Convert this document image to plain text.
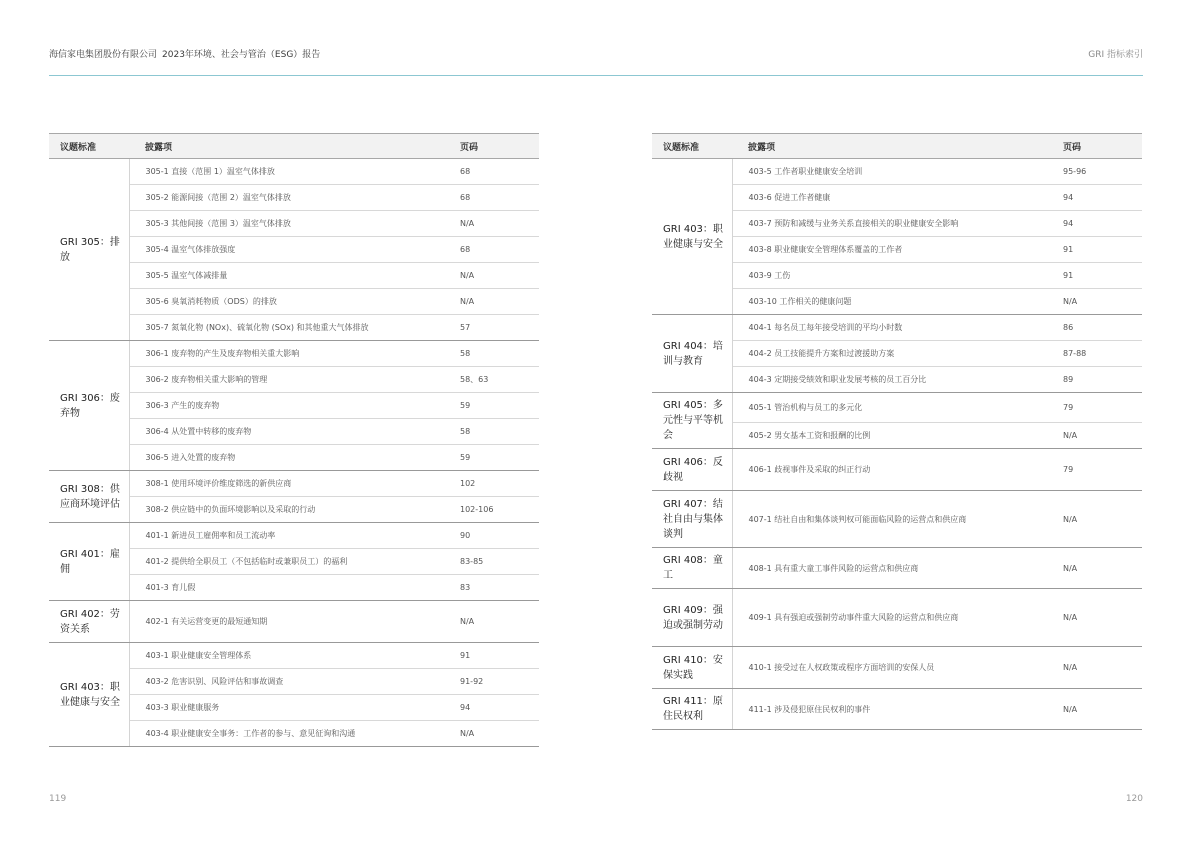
海信家电集团股份有限公司 2023年环境、社会与管治（ESG）报告	GRI 指标索引
议题标准	披露项	页码
GRI 305：排放	305-1 直接（范围 1）温室气体排放	68
	305-2 能源间接（范围 2）温室气体排放	68
	305-3 其他间接（范围 3）温室气体排放	N/A
	305-4 温室气体排放强度	68
	305-5 温室气体减排量	N/A
	305-6 臭氧消耗物质（ODS）的排放	N/A
	305-7 氮氧化物 (NOx)、硫氧化物 (SOx) 和其他重大气体排放	57
GRI 306：废弃物	306-1 废弃物的产生及废弃物相关重大影响	58
	306-2 废弃物相关重大影响的管理	58、63
	306-3 产生的废弃物	59
	306-4 从处置中转移的废弃物	58
	306-5 进入处置的废弃物	59
GRI 308：供应商环境评估	308-1 使用环境评价维度筛选的新供应商	102
	308-2 供应链中的负面环境影响以及采取的行动	102-106
GRI 401：雇佣	401-1 新进员工雇佣率和员工流动率	90
	401-2 提供给全职员工（不包括临时或兼职员工）的福利	83-85
	401-3 育儿假	83
GRI 402：劳资关系	402-1 有关运营变更的最短通知期	N/A
GRI 403：职业健康与安全	403-1 职业健康安全管理体系	91
	403-2 危害识别、风险评估和事故调查	91-92
	403-3 职业健康服务	94
	403-4 职业健康安全事务：工作者的参与、意见征询和沟通	N/A
议题标准	披露项	页码
GRI 403：职业健康与安全	403-5 工作者职业健康安全培训	95-96
	403-6 促进工作者健康	94
	403-7 预防和减缓与业务关系直接相关的职业健康安全影响	94
	403-8 职业健康安全管理体系覆盖的工作者	91
	403-9 工伤	91
	403-10 工作相关的健康问题	N/A
GRI 404：培训与教育	404-1 每名员工每年接受培训的平均小时数	86
	404-2 员工技能提升方案和过渡援助方案	87-88
	404-3 定期接受绩效和职业发展考核的员工百分比	89
GRI 405：多元性与平等机会	405-1 管治机构与员工的多元化	79
	405-2 男女基本工资和报酬的比例	N/A
GRI 406：反歧视	406-1 歧视事件及采取的纠正行动	79
GRI 407：结社自由与集体谈判	407-1 结社自由和集体谈判权可能面临风险的运营点和供应商	N/A
GRI 408：童工	408-1 具有重大童工事件风险的运营点和供应商	N/A
GRI 409：强迫或强制劳动	409-1 具有强迫或强制劳动事件重大风险的运营点和供应商	N/A
GRI 410：安保实践	410-1 接受过在人权政策或程序方面培训的安保人员	N/A
GRI 411：原住民权利	411-1 涉及侵犯原住民权利的事件	N/A
119	120
